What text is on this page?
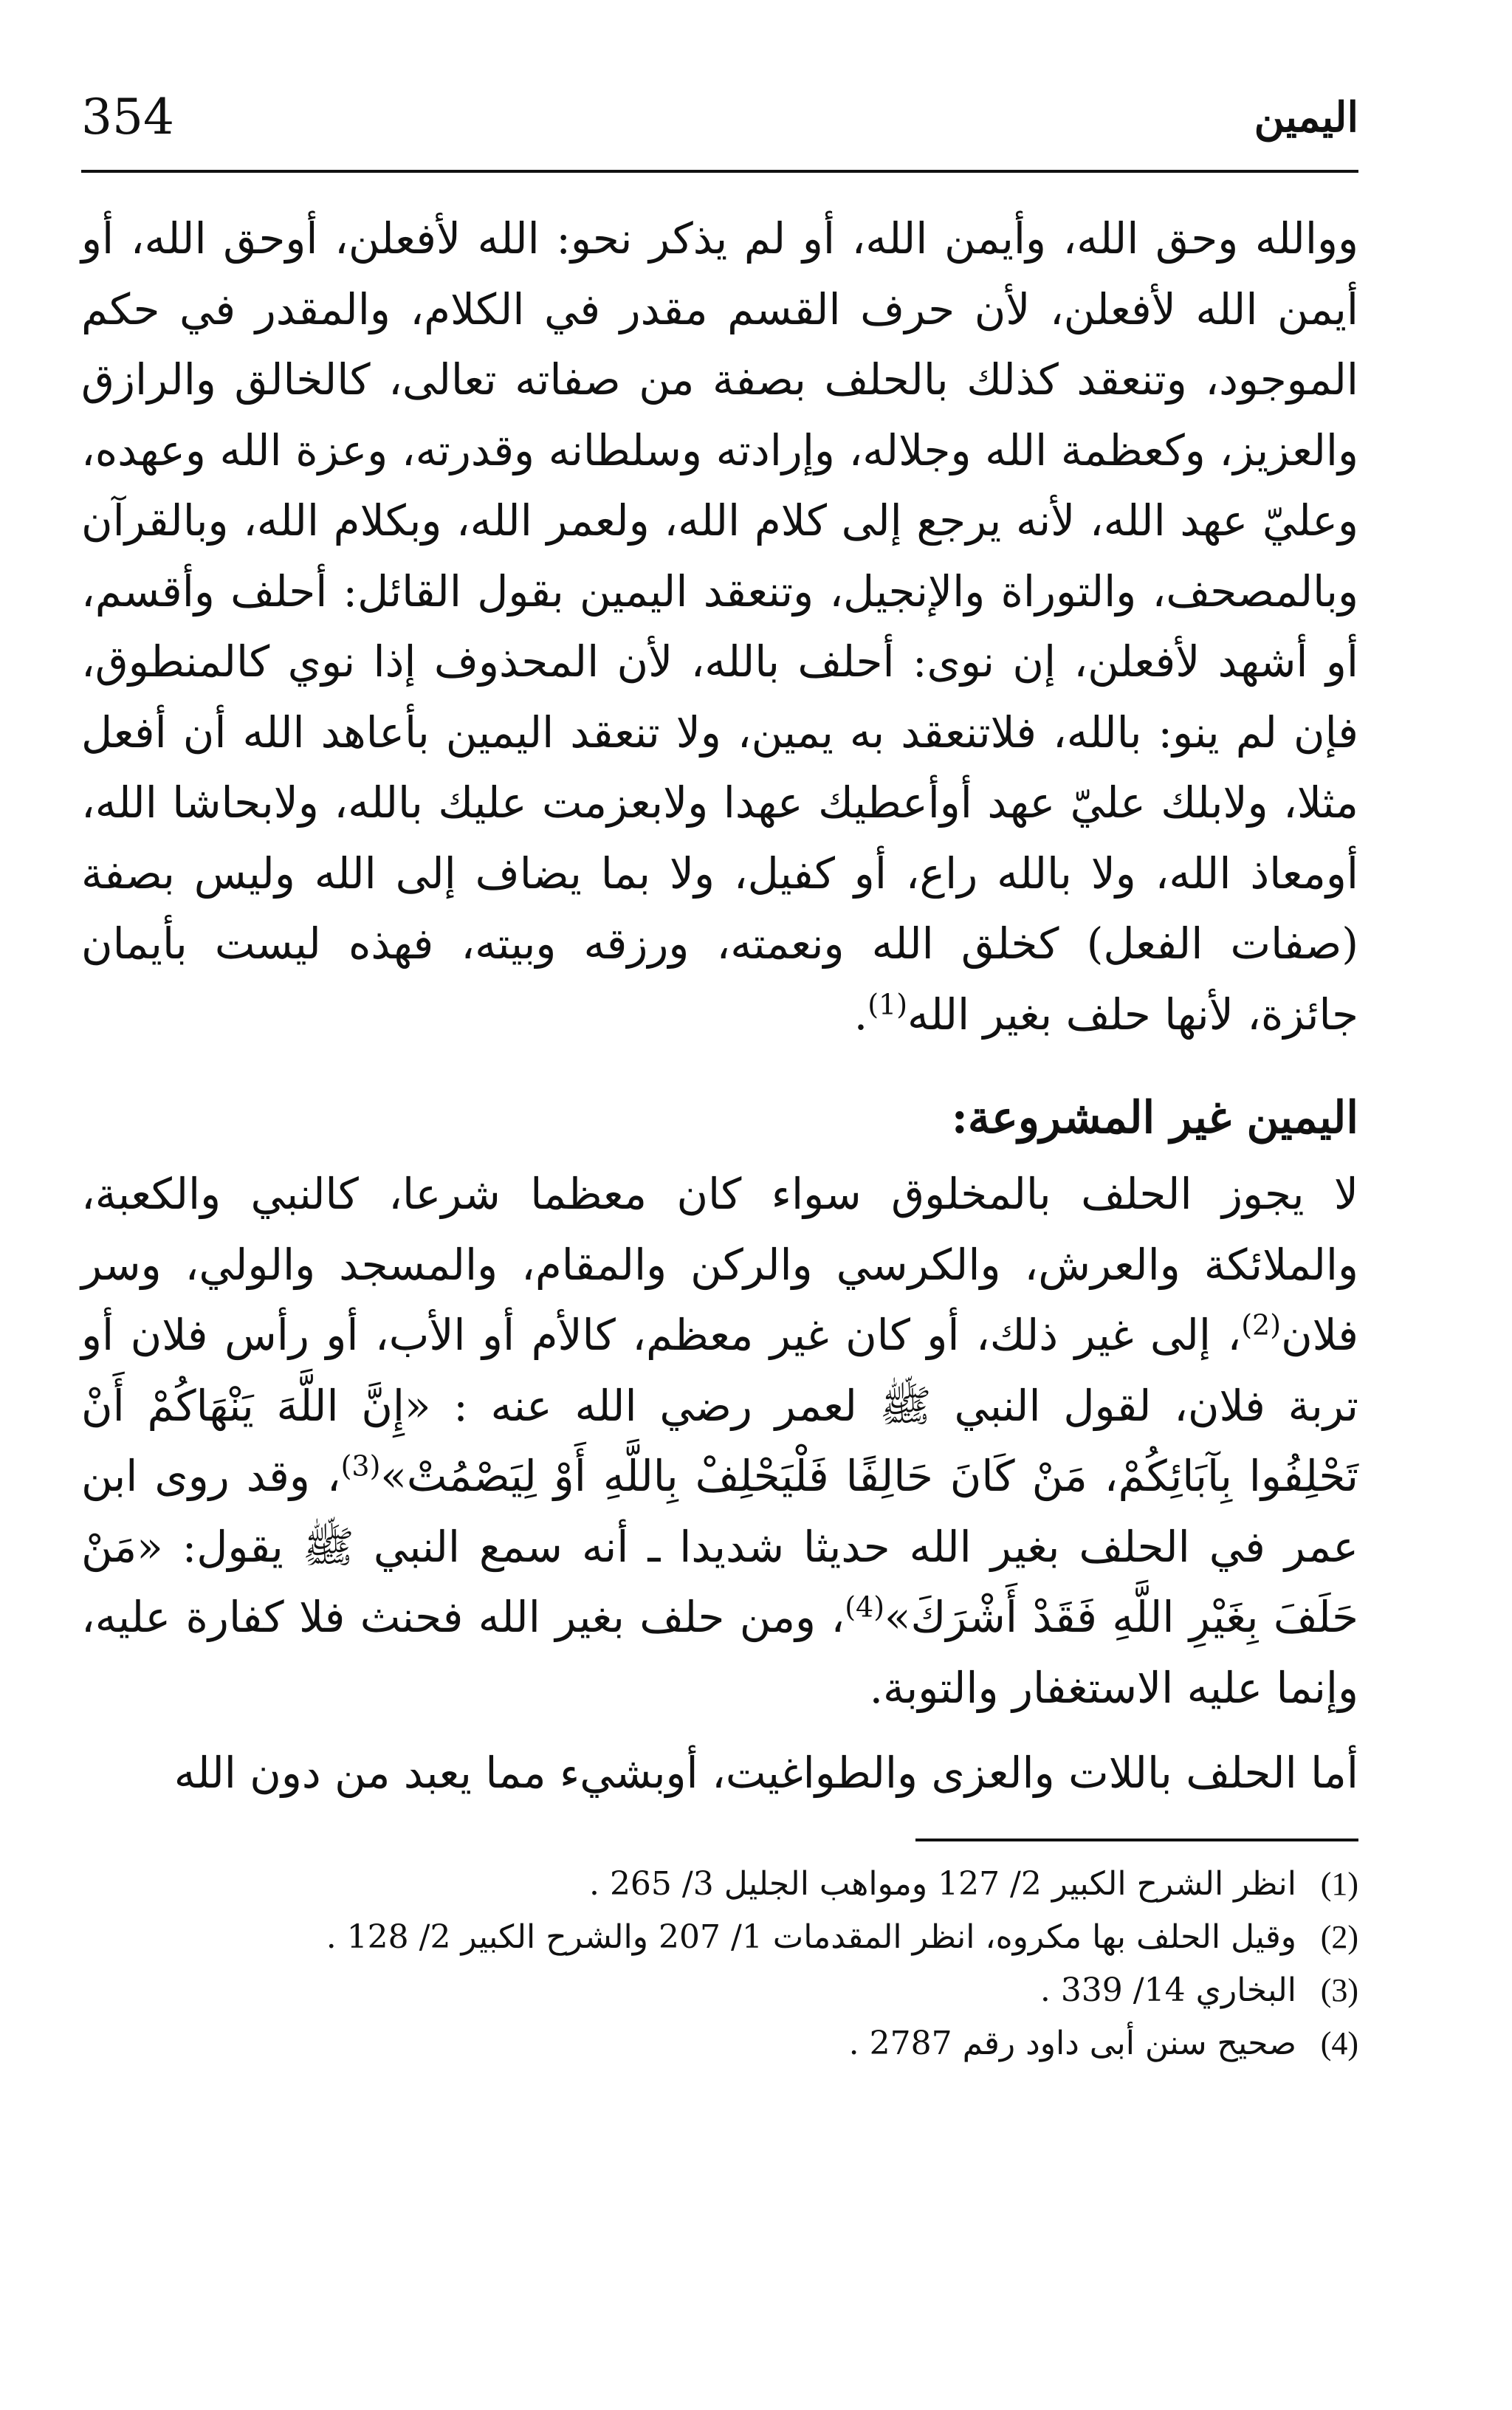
اليمين
354

ووالله وحق الله، وأيمن الله، أو لم يذكر نحو: الله لأفعلن، أوحق الله، أو أيمن الله لأفعلن، لأن حرف القسم مقدر في الكلام، والمقدر في حكم الموجود، وتنعقد كذلك بالحلف بصفة من صفاته تعالى، كالخالق والرازق والعزيز، وكعظمة الله وجلاله، وإرادته وسلطانه وقدرته، وعزة الله وعهده، وعليّ عهد الله، لأنه يرجع إلى كلام الله، ولعمر الله، وبكلام الله، وبالقرآن وبالمصحف، والتوراة والإنجيل، وتنعقد اليمين بقول القائل: أحلف وأقسم، أو أشهد لأفعلن، إن نوى: أحلف بالله، لأن المحذوف إذا نوي كالمنطوق، فإن لم ينو: بالله، فلاتنعقد به يمين، ولا تنعقد اليمين بأعاهد الله أن أفعل مثلا، ولابلك عليّ عهد أوأعطيك عهدا ولابعزمت عليك بالله، ولابحاشا الله، أومعاذ الله، ولا بالله راع، أو كفيل، ولا بما يضاف إلى الله وليس بصفة (صفات الفعل) كخلق الله ونعمته، ورزقه وبيته، فهذه ليست بأيمان جائزة، لأنها حلف بغير الله$^{(1)}$.

اليمين غير المشروعة:

لا يجوز الحلف بالمخلوق سواء كان معظما شرعا، كالنبي والكعبة، والملائكة والعرش، والكرسي والركن والمقام، والمسجد والولي، وسر فلان$^{(2)}$، إلى غير ذلك، أو كان غير معظم، كالأم أو الأب، أو رأس فلان أو تربة فلان، لقول النبي ﷺ لعمر رضي الله عنه : «إِنَّ اللَّهَ يَنْهَاكُمْ أَنْ تَحْلِفُوا بِآبَائِكُمْ، مَنْ كَانَ حَالِفًا فَلْيَحْلِفْ بِاللَّهِ أَوْ لِيَصْمُتْ»$^{(3)}$، وقد روى ابن عمر في الحلف بغير الله حديثا شديدا ـ أنه سمع النبي ﷺ يقول: «مَنْ حَلَفَ بِغَيْرِ اللَّهِ فَقَدْ أَشْرَكَ»$^{(4)}$، ومن حلف بغير الله فحنث فلا كفارة عليه، وإنما عليه الاستغفار والتوبة.

أما الحلف باللات والعزى والطواغيت، أوبشيء مما يعبد من دون الله

(1)
انظر الشرح الكبير 2/ 127 ومواهب الجليل 3/ 265 .
(2)
وقيل الحلف بها مكروه، انظر المقدمات 1/ 207 والشرح الكبير 2/ 128 .
(3)
البخاري 14/ 339 .
(4)
صحيح سنن أبى داود رقم 2787 .
